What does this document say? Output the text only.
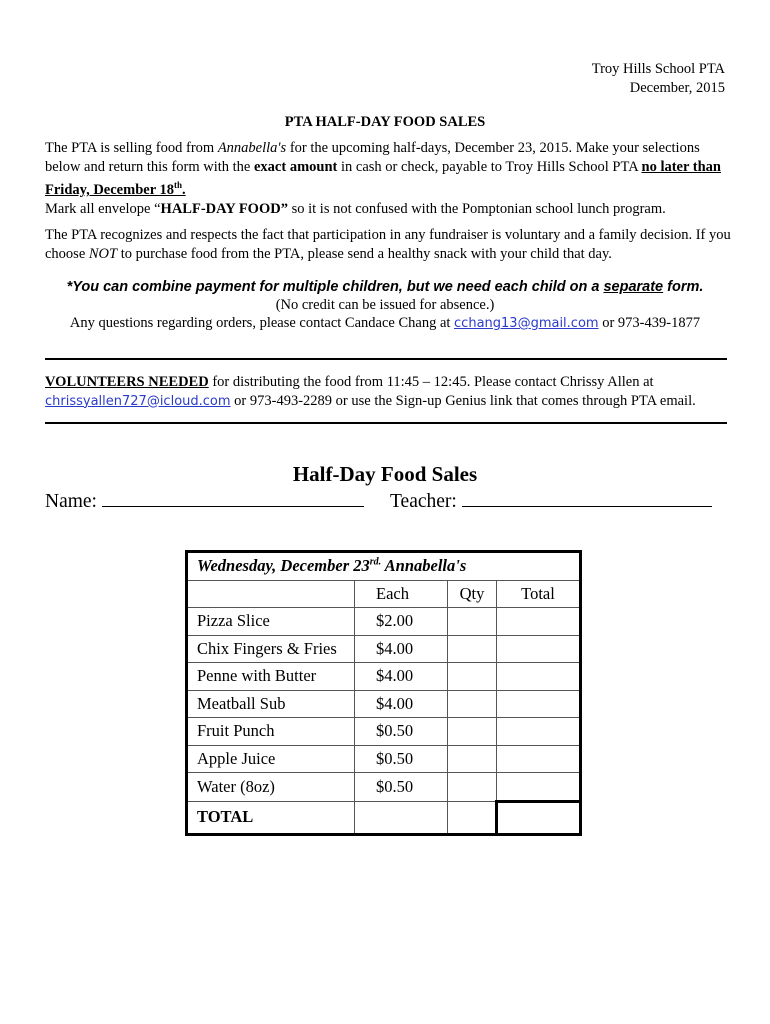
Troy Hills School PTA
December, 2015
PTA HALF-DAY FOOD SALES
The PTA is selling food from Annabella's for the upcoming half-days, December 23, 2015. Make your selections below and return this form with the exact amount in cash or check, payable to Troy Hills School PTA no later than Friday, December 18th.
Mark all envelope “HALF-DAY FOOD” so it is not confused with the Pomptonian school lunch program.
The PTA recognizes and respects the fact that participation in any fundraiser is voluntary and a family decision. If you choose NOT to purchase food from the PTA, please send a healthy snack with your child that day.
*You can combine payment for multiple children, but we need each child on a separate form.
(No credit can be issued for absence.)
Any questions regarding orders, please contact Candace Chang at cchang13@gmail.com or 973-439-1877
VOLUNTEERS NEEDED for distributing the food from 11:45 – 12:45. Please contact Chrissy Allen at chrissyallen727@icloud.com or 973-493-2289 or use the Sign-up Genius link that comes through PTA email.
Half-Day Food Sales
Name:	Teacher:
Wednesday, December $23^{rd.}$ Annabella's			
	Each	Qty	Total
Pizza Slice	$2.00		
Chix Fingers & Fries	$4.00		
Penne with Butter	$4.00		
Meatball Sub	$4.00		
Fruit Punch	$0.50		
Apple Juice	$0.50		
Water (8oz)	$0.50		
TOTAL			
